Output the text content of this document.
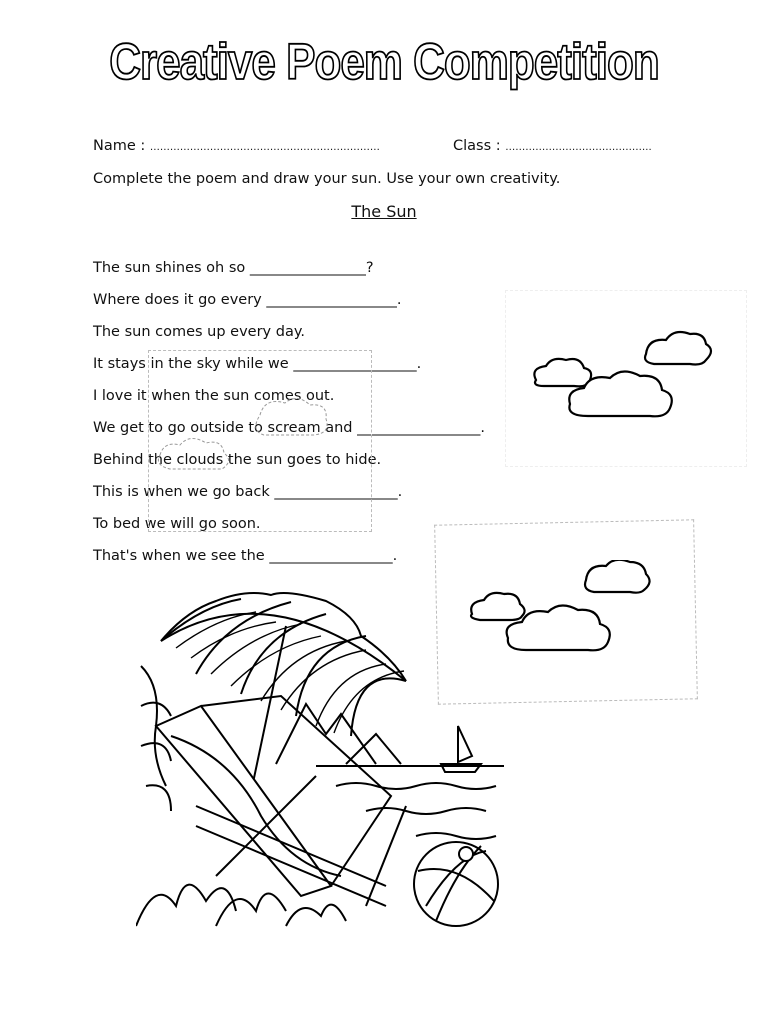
Creative Poem Competition
Name : ……………………………………………………………	Class : ……………………………………..
Complete the poem and draw your sun. Use your own creativity.
The Sun
The sun shines oh so ________________?
Where does it go every __________________.
The sun comes up every day.
It stays in the sky while we _________________.
I love it when the sun comes out.
We get to go outside to scream and _________________.
Behind the clouds the sun goes to hide.
This is when we go back _________________.
To bed we will go soon.
That's when we see the _________________.
